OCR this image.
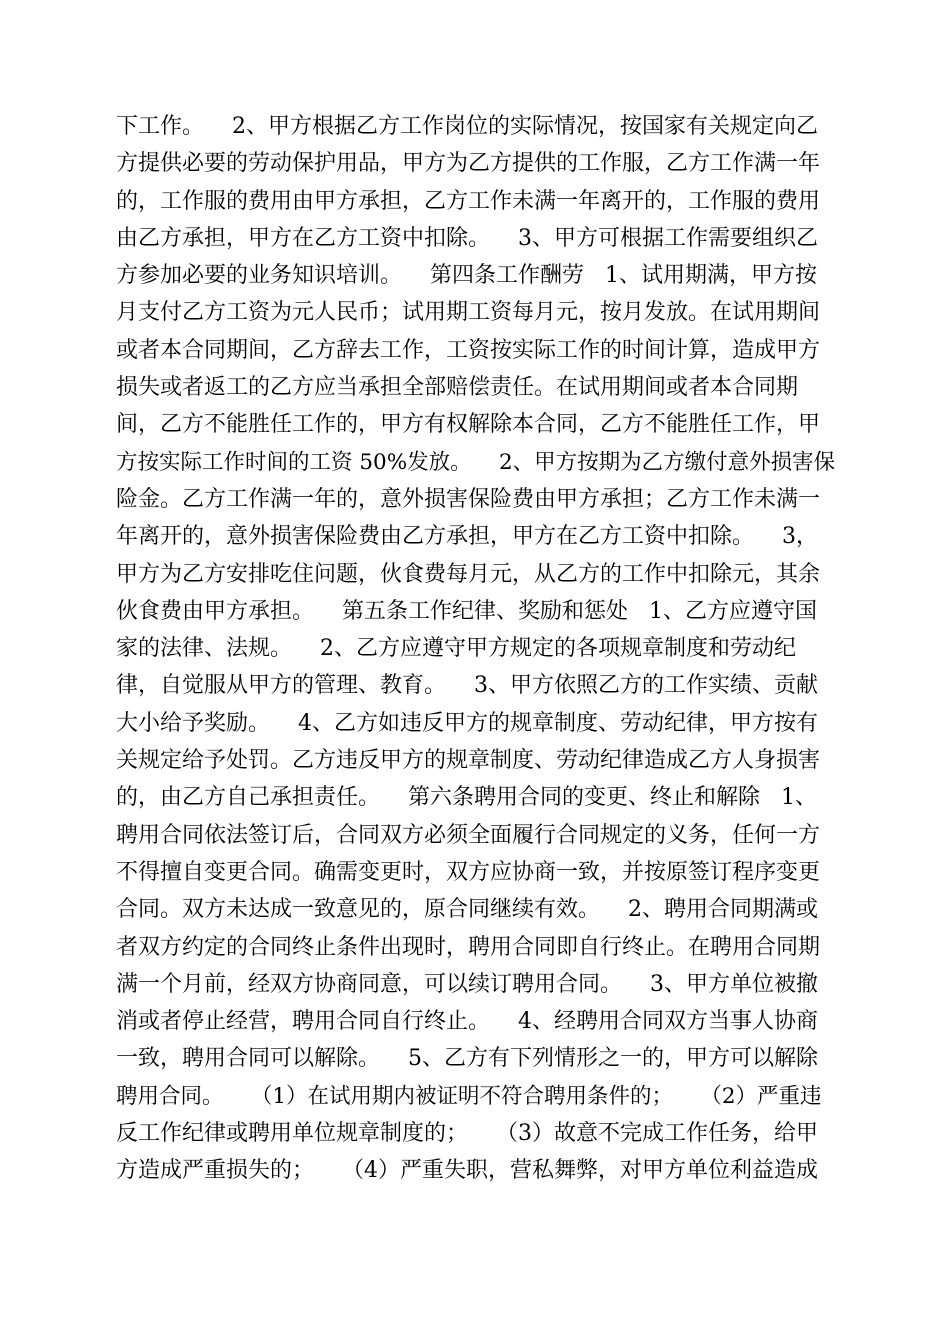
下工作。    2、甲方根据乙方工作岗位的实际情况，按国家有关规定向乙
方提供必要的劳动保护用品，甲方为乙方提供的工作服，乙方工作满一年
的，工作服的费用由甲方承担，乙方工作未满一年离开的，工作服的费用
由乙方承担，甲方在乙方工资中扣除。    3、甲方可根据工作需要组织乙
方参加必要的业务知识培训。    第四条工作酬劳   1、试用期满，甲方按
月支付乙方工资为元人民币；试用期工资每月元，按月发放。在试用期间
或者本合同期间，乙方辞去工作，工资按实际工作的时间计算，造成甲方
损失或者返工的乙方应当承担全部赔偿责任。在试用期间或者本合同期
间，乙方不能胜任工作的，甲方有权解除本合同，乙方不能胜任工作，甲
方按实际工作时间的工资 50%发放。    2、甲方按期为乙方缴付意外损害保
险金。乙方工作满一年的，意外损害保险费由甲方承担；乙方工作未满一
年离开的，意外损害保险费由乙方承担，甲方在乙方工资中扣除。    3，
甲方为乙方安排吃住问题，伙食费每月元，从乙方的工作中扣除元，其余
伙食费由甲方承担。    第五条工作纪律、奖励和惩处   1、乙方应遵守国
家的法律、法规。    2、乙方应遵守甲方规定的各项规章制度和劳动纪
律，自觉服从甲方的管理、教育。    3、甲方依照乙方的工作实绩、贡献
大小给予奖励。    4、乙方如违反甲方的规章制度、劳动纪律，甲方按有
关规定给予处罚。乙方违反甲方的规章制度、劳动纪律造成乙方人身损害
的，由乙方自己承担责任。    第六条聘用合同的变更、终止和解除   1、
聘用合同依法签订后，合同双方必须全面履行合同规定的义务，任何一方
不得擅自变更合同。确需变更时，双方应协商一致，并按原签订程序变更
合同。双方未达成一致意见的，原合同继续有效。    2、聘用合同期满或
者双方约定的合同终止条件出现时，聘用合同即自行终止。在聘用合同期
满一个月前，经双方协商同意，可以续订聘用合同。    3、甲方单位被撤
消或者停止经营，聘用合同自行终止。    4、经聘用合同双方当事人协商
一致，聘用合同可以解除。    5、乙方有下列情形之一的，甲方可以解除
聘用合同。    （1）在试用期内被证明不符合聘用条件的；    （2）严重违
反工作纪律或聘用单位规章制度的；    （3）故意不完成工作任务，给甲
方造成严重损失的；    （4）严重失职，营私舞弊，对甲方单位利益造成
